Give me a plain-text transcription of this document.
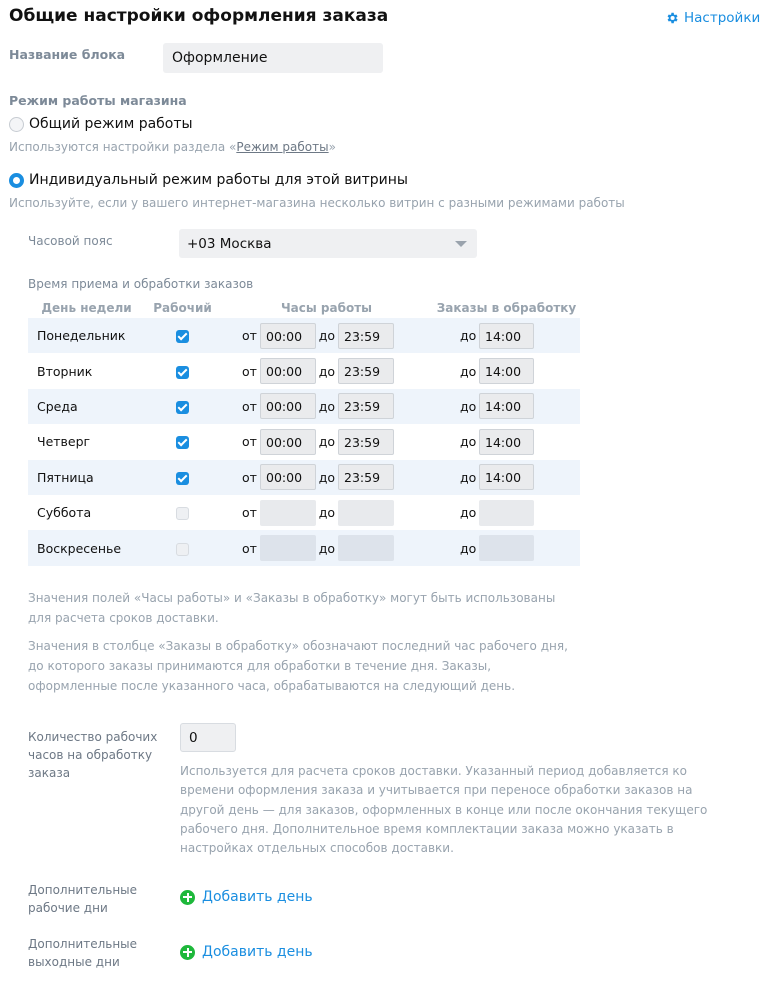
Общие настройки оформления заказа	Настройки
Название блока
Оформление
Режим работы магазина
Общий режим работы
Используются настройки раздела «Режим работы»
Индивидуальный режим работы для этой витрины
Используйте, если у вашего интернет-магазина несколько витрин с разными режимами работы
Часовой пояс	+03 Москва
Время приема и обработки заказов
День недели	Рабочий	Часы работы	Заказы в обработку
Понедельник		от 00:00 до 23:59	до 14:00

Вторник		от 00:00 до 23:59	до 14:00

Среда		от 00:00 до 23:59	до 14:00

Четверг		от 00:00 до 23:59	до 14:00

Пятница		от 00:00 до 23:59	до 14:00

Суббота		от до	до

Воскресенье		от до	до
Значения полей «Часы работы» и «Заказы в обработку» могут быть использованы
для расчета сроков доставки.
Значения в столбце «Заказы в обработку» обозначают последний час рабочего дня,
до которого заказы принимаются для обработки в течение дня. Заказы,
оформленные после указанного часа, обрабатываются на следующий день.
Количество рабочих
часов на обработку
заказа
0	Используется для расчета сроков доставки. Указанный период добавляется ко
времени оформления заказа и учитывается при переносе обработки заказов на
другой день — для заказов, оформленных в конце или после окончания текущего
рабочего дня. Дополнительное время комплектации заказа можно указать в
настройках отдельных способов доставки.
Дополнительные
рабочие дни
Добавить день
Дополнительные
выходные дни
Добавить день
